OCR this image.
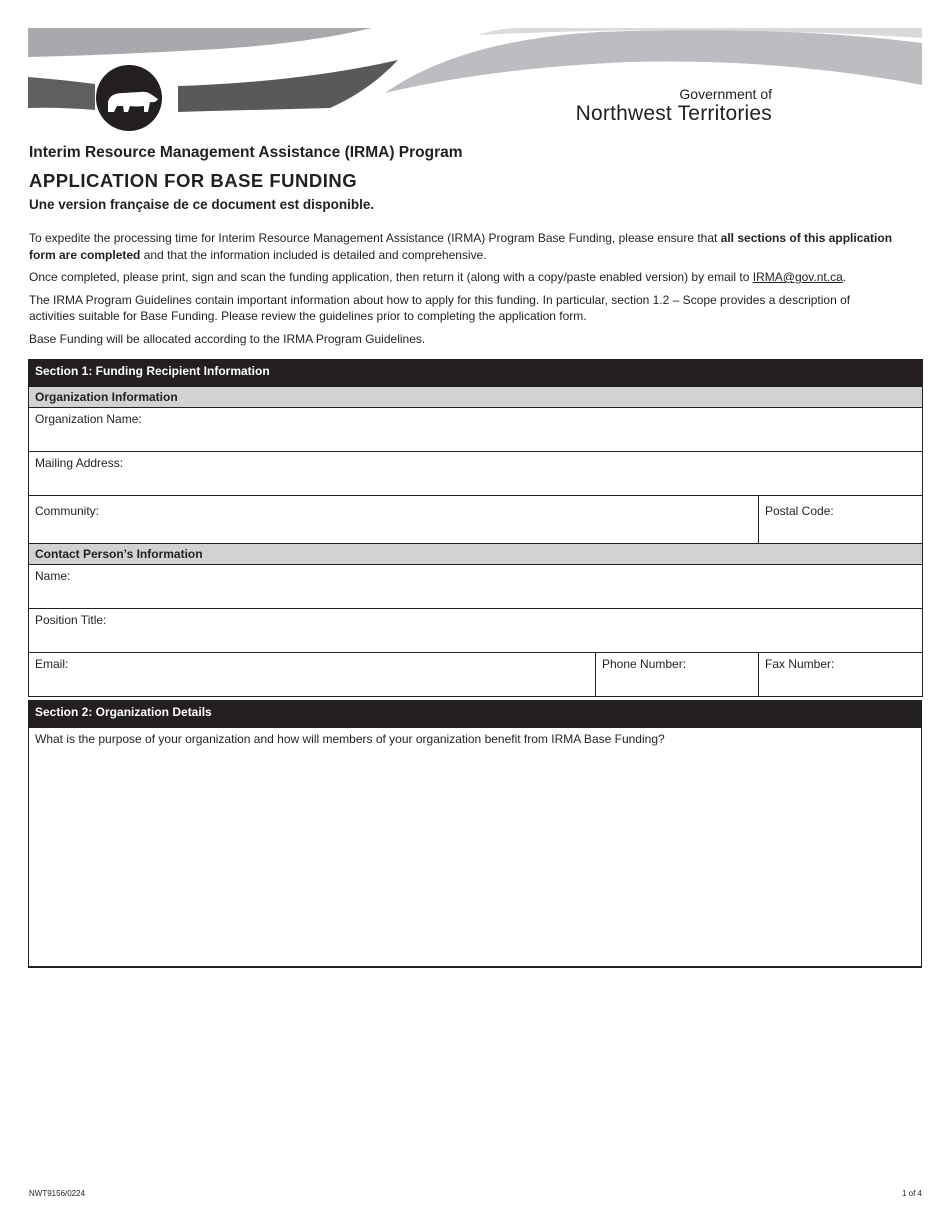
Government of
Northwest Territories
Interim Resource Management Assistance (IRMA) Program
APPLICATION FOR BASE FUNDING
Une version française de ce document est disponible.

To expedite the processing time for Interim Resource Management Assistance (IRMA) Program Base Funding, please ensure that all sections of this application form are completed and that the information included is detailed and comprehensive.

Once completed, please print, sign and scan the funding application, then return it (along with a copy/paste enabled version) by email to IRMA@gov.nt.ca.

The IRMA Program Guidelines contain important information about how to apply for this funding. In particular, section 1.2 – Scope provides a description of activities suitable for Base Funding. Please review the guidelines prior to completing the application form.

Base Funding will be allocated according to the IRMA Program Guidelines.

Section 1: Funding Recipient Information		
Organization Information		
Organization Name:		
Mailing Address:		
Community:		Postal Code:
Contact Person’s Information		
Name:		
Position Title:		
Email:	Phone Number:	Fax Number:
Section 2: Organization Details
What is the purpose of your organization and how will members of your organization benefit from IRMA Base Funding?
NWT9156/0224	1 of 4
